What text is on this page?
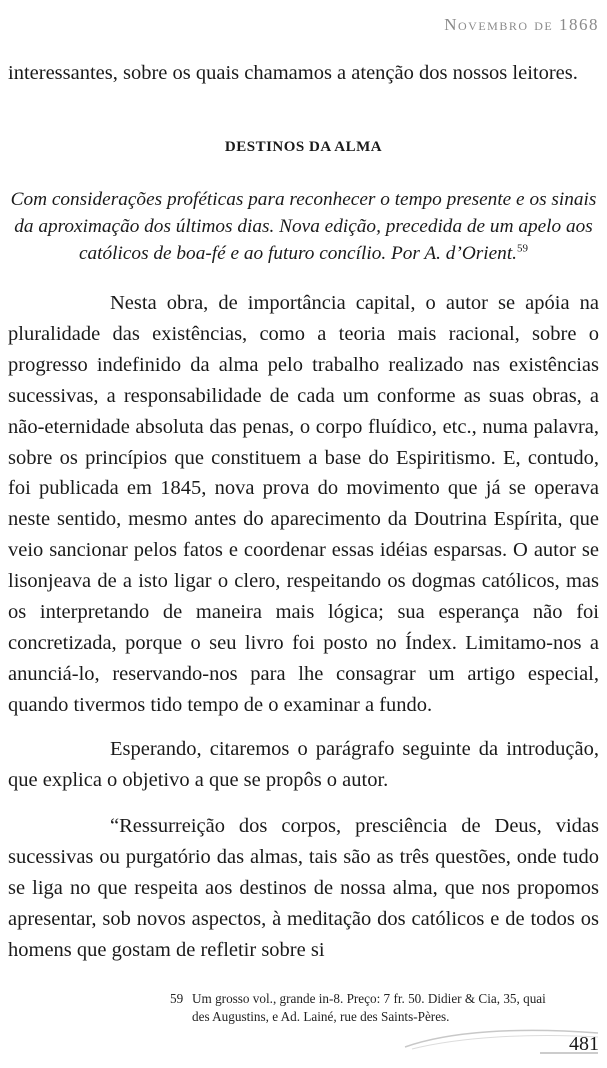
Novembro de 1868

interessantes, sobre os quais chamamos a atenção dos nossos leitores.

DESTINOS DA ALMA

Com considerações proféticas para reconhecer o tempo presente e os sinais da aproximação dos últimos dias. Nova edição, precedida de um apelo aos católicos de boa-fé e ao futuro concílio. Por A. d’Orient.$^{59}$

Nesta obra, de importância capital, o autor se apóia na pluralidade das existências, como a teoria mais racional, sobre o progresso indefinido da alma pelo trabalho realizado nas existências sucessivas, a responsabilidade de cada um conforme as suas obras, a não-eternidade absoluta das penas, o corpo fluídico, etc., numa palavra, sobre os princípios que constituem a base do Espiritismo. E, contudo, foi publicada em 1845, nova prova do movimento que já se operava neste sentido, mesmo antes do aparecimento da Doutrina Espírita, que veio sancionar pelos fatos e coordenar essas idéias esparsas. O autor se lisonjeava de a isto ligar o clero, respeitando os dogmas católicos, mas os interpretando de maneira mais lógica; sua esperança não foi concretizada, porque o seu livro foi posto no Índex. Limitamo-nos a anunciá-lo, reservando-nos para lhe consagrar um artigo especial, quando tivermos tido tempo de o examinar a fundo.

Esperando, citaremos o parágrafo seguinte da introdução, que explica o objetivo a que se propôs o autor.

“Ressurreição dos corpos, presciência de Deus, vidas sucessivas ou purgatório das almas, tais são as três questões, onde tudo se liga no que respeita aos destinos de nossa alma, que nos propomos apresentar, sob novos aspectos, à meditação dos católicos e de todos os homens que gostam de refletir sobre si

59 Um grosso vol., grande in-8. Preço: 7 fr. 50. Didier & Cia, 35, quai
des Augustins, e Ad. Lainé, rue des Saints-Pères.
481
